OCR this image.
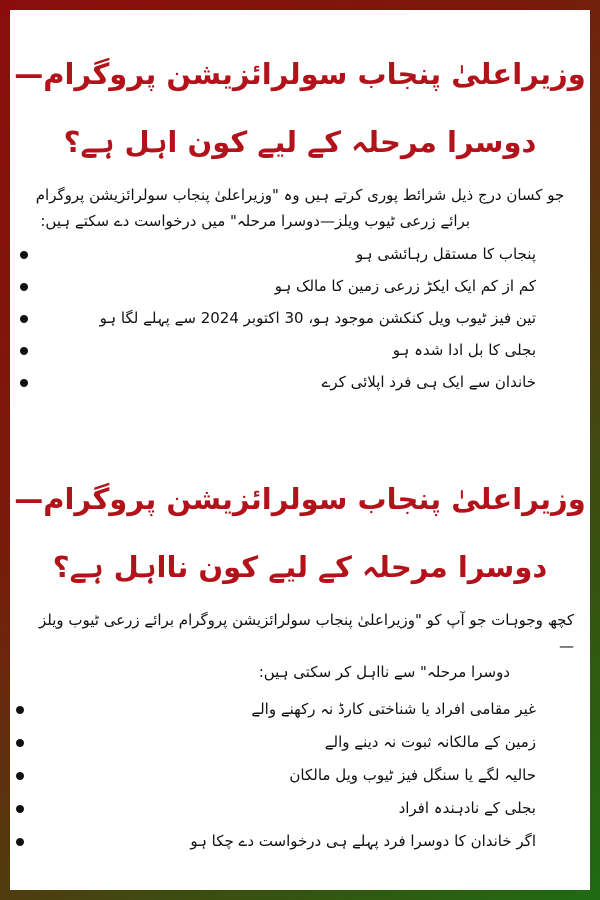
وزیراعلیٰ پنجاب سولرائزیشن پروگرام—
دوسرا مرحلہ کے لیے کون اہل ہے؟

جو کسان درج ذیل شرائط پوری کرتے ہیں وہ "وزیراعلیٰ پنجاب سولرائزیشن پروگرام

برائے زرعی ٹیوب ویلز—دوسرا مرحلہ" میں درخواست دے سکتے ہیں:

پنجاب کا مستقل رہائشی ہو
کم از کم ایک ایکڑ زرعی زمین کا مالک ہو
تین فیز ٹیوب ویل کنکشن موجود ہو، 30 اکتوبر 2024 سے پہلے لگا ہو
بجلی کا بل ادا شدہ ہو
خاندان سے ایک ہی فرد اپلائی کرے
وزیراعلیٰ پنجاب سولرائزیشن پروگرام—
دوسرا مرحلہ کے لیے کون نااہل ہے؟

کچھ وجوہات جو آپ کو "وزیراعلیٰ پنجاب سولرائزیشن پروگرام برائے زرعی ٹیوب ویلز—

دوسرا مرحلہ" سے نااہل کر سکتی ہیں:

غیر مقامی افراد یا شناختی کارڈ نہ رکھنے والے
زمین کے مالکانہ ثبوت نہ دینے والے
حالیہ لگے یا سنگل فیز ٹیوب ویل مالکان
بجلی کے نادہندہ افراد
اگر خاندان کا دوسرا فرد پہلے ہی درخواست دے چکا ہو
